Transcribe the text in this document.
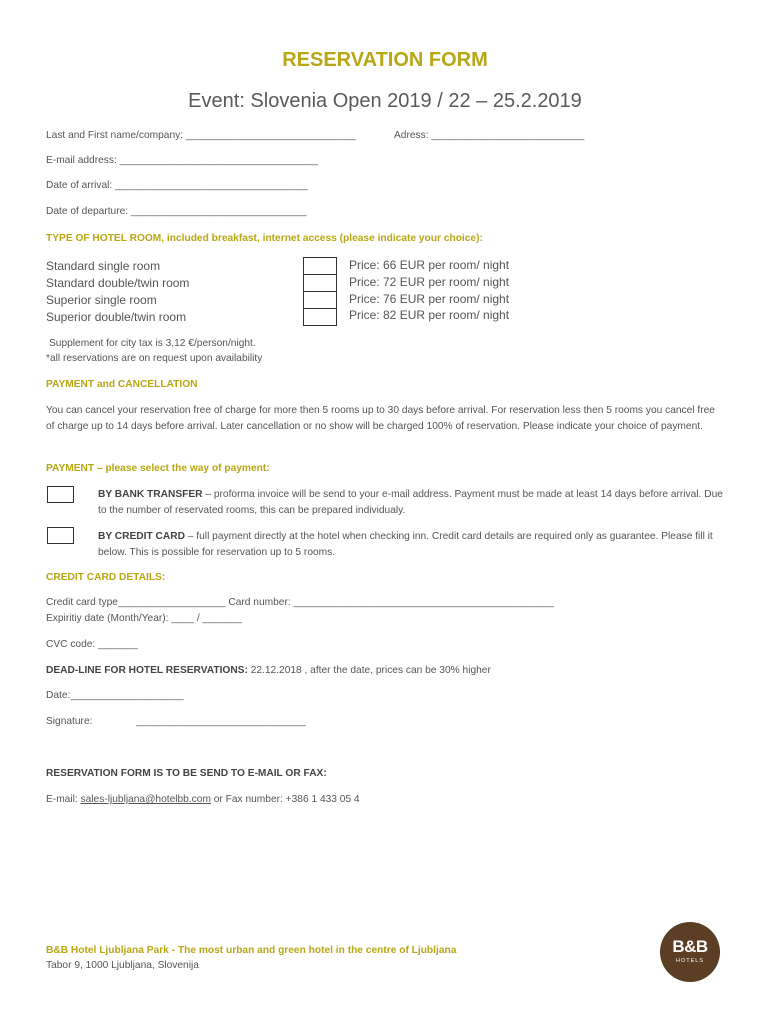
RESERVATION FORM
Event: Slovenia Open 2019 / 22 – 25.2.2019
Last and First name/company: ______________________________	Adress: ___________________________
E-mail address: ___________________________________
Date of arrival: __________________________________
Date of departure: _______________________________
TYPE OF HOTEL ROOM, included breakfast, internet access (please indicate your choice):
Standard single room
Standard double/twin room
Superior single room
Superior double/twin room
Price: 66 EUR per room/ night
Price: 72 EUR per room/ night
Price: 76 EUR per room/ night
Price: 82 EUR per room/ night
Supplement for city tax is 3,12 €/person/night.
*all reservations are on request upon availability
PAYMENT and CANCELLATION
You can cancel your reservation free of charge for more then 5 rooms up to 30 days before arrival. For reservation less then 5 rooms you cancel free of charge up to 14 days before arrival. Later cancellation or no show will be charged 100% of reservation. Please indicate your choice of payment.
PAYMENT – please select the way of payment:
BY BANK TRANSFER – proforma invoice will be send to your e-mail address. Payment must be made at least 14 days before arrival. Due to the number of reservated rooms, this can be prepared individualy.
BY CREDIT CARD – full payment directly at the hotel when checking inn. Credit card details are required only as guarantee. Please fill it below. This is possible for reservation up to 5 rooms.
CREDIT CARD DETAILS:
Credit card type___________________ Card number: ______________________________________________
Expiritiy date (Month/Year): ____ / _______
CVC code: _______
DEAD-LINE FOR HOTEL RESERVATIONS: 22.12.2018 , after the date, prices can be 30% higher
Date:____________________
Signature:	______________________________
RESERVATION FORM IS TO BE SEND TO E-MAIL OR FAX:
E-mail: sales-ljubljana@hotelbb.com or Fax number: +386 1 433 05 4
B&B Hotel Ljubljana Park - The most urban and green hotel in the centre of Ljubljana
Tabor 9, 1000 Ljubljana, Slovenija
B&B
HOTELS
